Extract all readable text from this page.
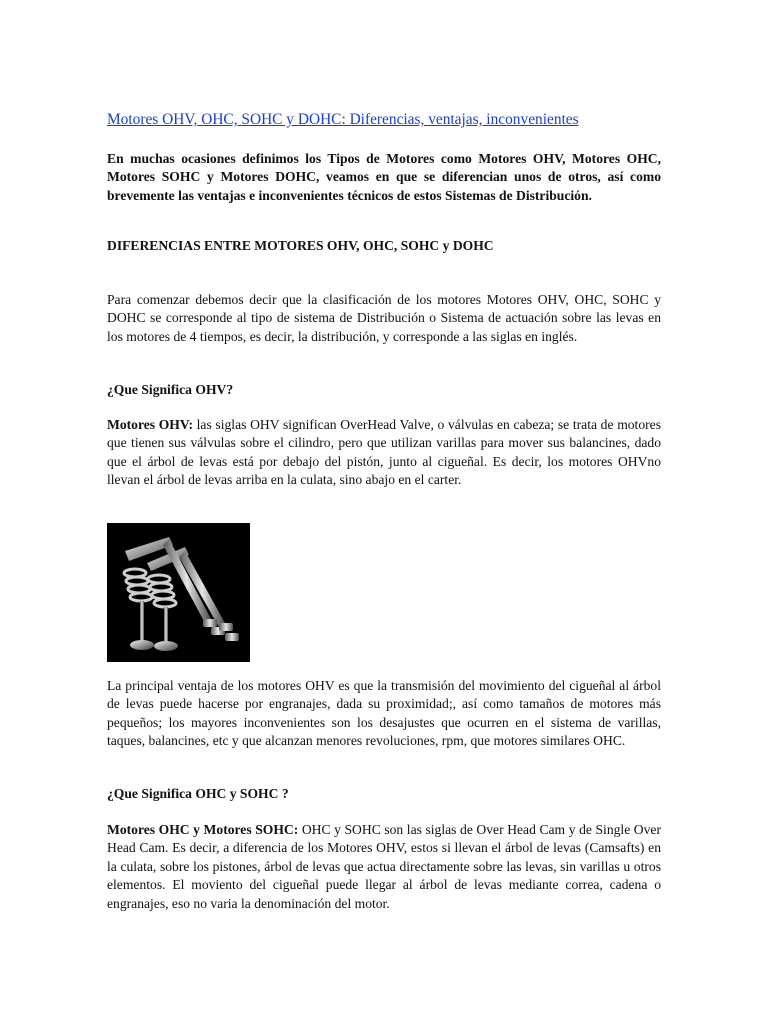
Motores OHV, OHC, SOHC y DOHC: Diferencias, ventajas, inconvenientes
En muchas ocasiones definimos los Tipos de Motores como Motores OHV, Motores OHC, Motores SOHC y Motores DOHC, veamos en que se diferencian unos de otros, así como brevemente las ventajas e inconvenientes técnicos de estos Sistemas de Distribución.
DIFERENCIAS ENTRE MOTORES OHV, OHC, SOHC y DOHC
Para comenzar debemos decir que la clasificación de los motores Motores OHV, OHC, SOHC y DOHC se corresponde al tipo de sistema de Distribución o Sistema de actuación sobre las levas en los motores de 4 tiempos, es decir, la distribución, y corresponde a las siglas en inglés.
¿Que Significa OHV?
Motores OHV: las siglas OHV significan OverHead Valve, o válvulas en cabeza; se trata de motores que tienen sus válvulas sobre el cilindro, pero que utilizan varillas para mover sus balancines, dado que el árbol de levas está por debajo del pistón, junto al cigueñal. Es decir, los motores OHVno llevan el árbol de levas arriba en la culata, sino abajo en el carter.
La principal ventaja de los motores OHV es que la transmisión del movimiento del cigueñal al árbol de levas puede hacerse por engranajes, dada su proximidad;, así como tamaños de motores más pequeños; los mayores inconvenientes son los desajustes que ocurren en el sistema de varillas, taques, balancines, etc y que alcanzan menores revoluciones, rpm, que motores similares OHC.
¿Que Significa OHC y SOHC ?
Motores OHC y Motores SOHC: OHC y SOHC son las siglas de Over Head Cam y de Single Over Head Cam. Es decir, a diferencia de los Motores OHV, estos si llevan el árbol de levas (Camsafts) en la culata, sobre los pistones, árbol de levas que actua directamente sobre las levas, sin varillas u otros elementos. El moviento del cigueñal puede llegar al árbol de levas mediante correa, cadena o engranajes, eso no varia la denominación del motor.
